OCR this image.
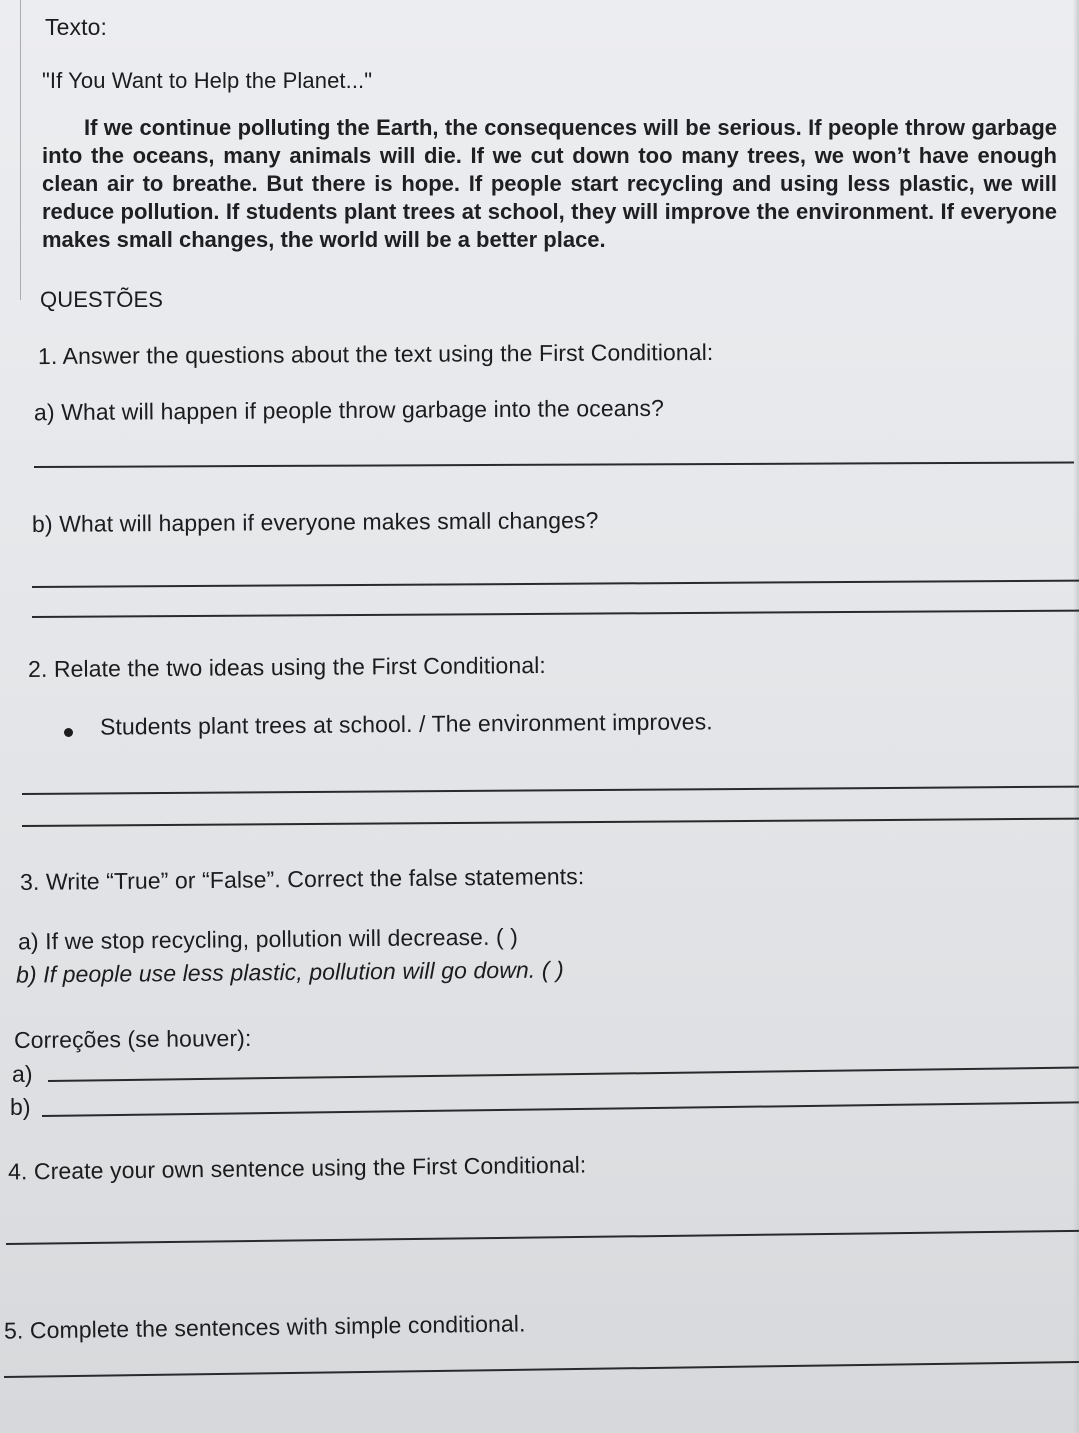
Texto:
"If You Want to Help the Planet..."
If we continue polluting the Earth, the consequences will be serious. If people throw garbage into the oceans, many animals will die. If we cut down too many trees, we won’t have enough clean air to breathe. But there is hope. If people start recycling and using less plastic, we will reduce pollution. If students plant trees at school, they will improve the environment. If everyone makes small changes, the world will be a better place.
QUESTÕES
1. Answer the questions about the text using the First Conditional:
a) What will happen if people throw garbage into the oceans?
b) What will happen if everyone makes small changes?
2. Relate the two ideas using the First Conditional:
Students plant trees at school. / The environment improves.
3. Write “True” or “False”. Correct the false statements:
a) If we stop recycling, pollution will decrease. ( )
b) If people use less plastic, pollution will go down. ( )
Correções (se houver):
a)
b)
4. Create your own sentence using the First Conditional:
5. Complete the sentences with simple conditional.
